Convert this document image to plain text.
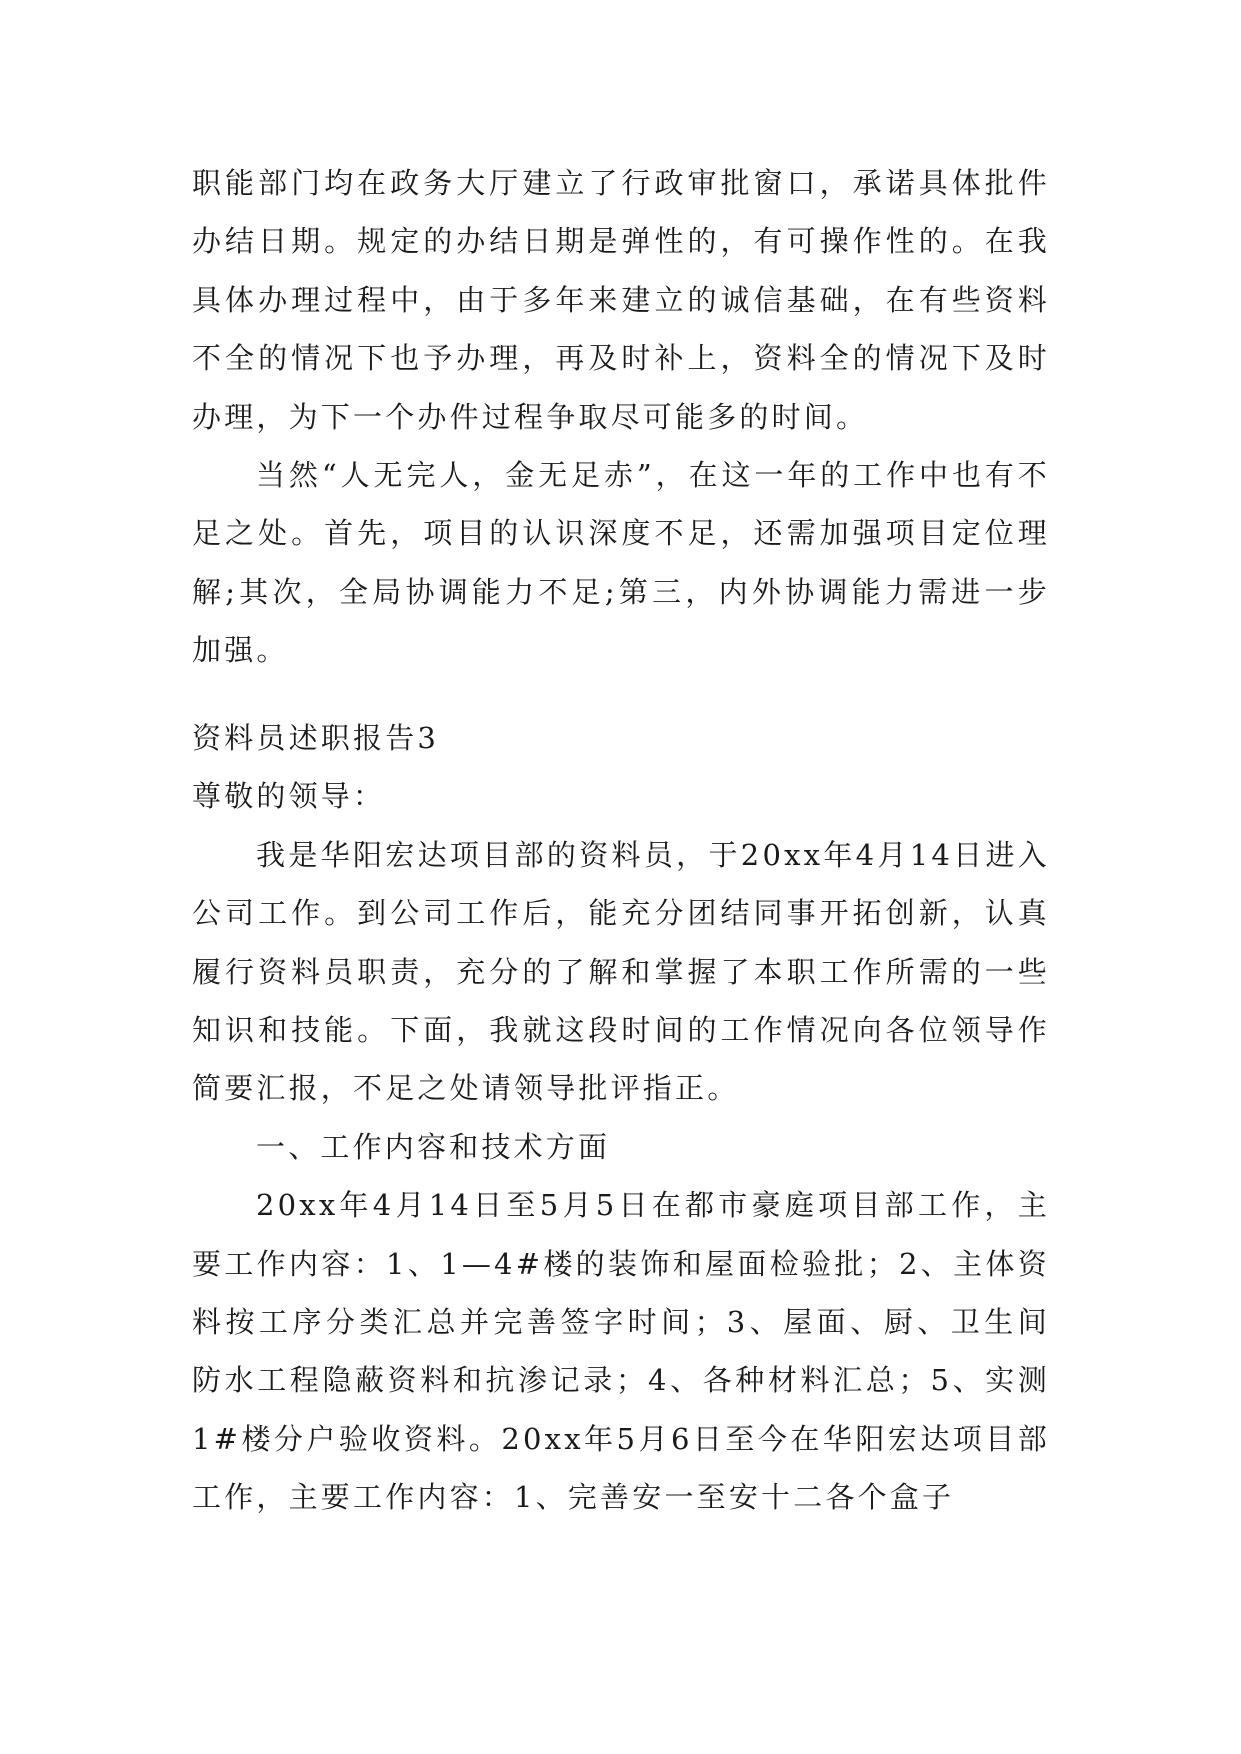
职能部门均在政务大厅建立了行政审批窗口，承诺具体批件办结日期。规定的办结日期是弹性的，有可操作性的。在我具体办理过程中，由于多年来建立的诚信基础，在有些资料不全的情况下也予办理，再及时补上，资料全的情况下及时办理，为下一个办件过程争取尽可能多的时间。

当然“人无完人，金无足赤”，在这一年的工作中也有不足之处。首先，项目的认识深度不足，还需加强项目定位理解;其次，全局协调能力不足;第三，内外协调能力需进一步加强。

资料员述职报告3

尊敬的领导：

我是华阳宏达项目部的资料员，于20xx年4月14日进入公司工作。到公司工作后，能充分团结同事开拓创新，认真履行资料员职责，充分的了解和掌握了本职工作所需的一些知识和技能。下面，我就这段时间的工作情况向各位领导作简要汇报，不足之处请领导批评指正。

一、工作内容和技术方面

20xx年4月14日至5月5日在都市豪庭项目部工作，主要工作内容：1、1—4#楼的装饰和屋面检验批；2、主体资料按工序分类汇总并完善签字时间；3、屋面、厨、卫生间防水工程隐蔽资料和抗渗记录；4、各种材料汇总；5、实测1#楼分户验收资料。20xx年5月6日至今在华阳宏达项目部工作，主要工作内容：1、完善安一至安十二各个盒子
